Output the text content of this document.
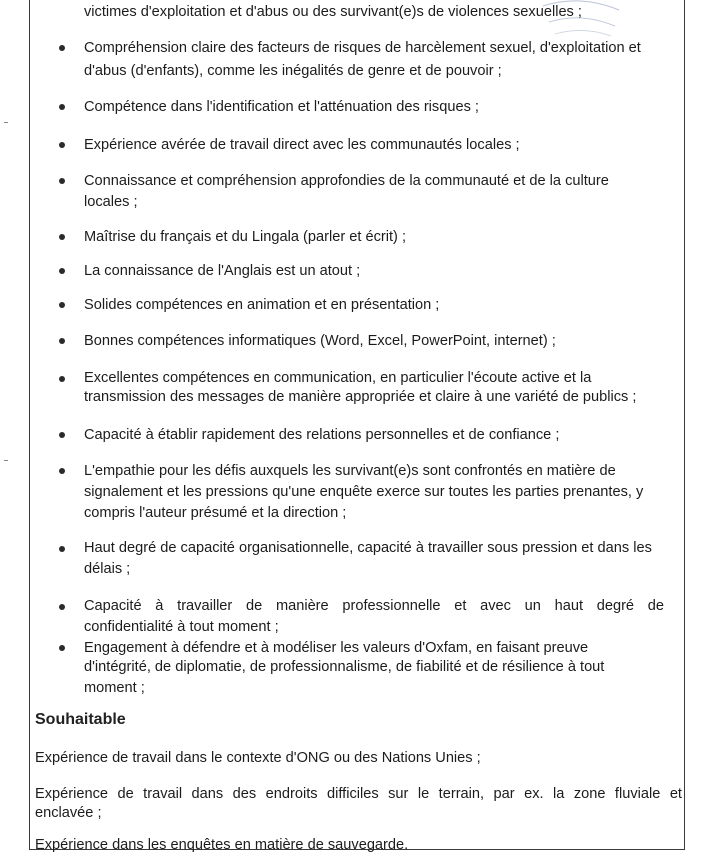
victimes d'exploitation et d'abus ou des survivant(e)s de violences sexuelles ;
Compréhension claire des facteurs de risques de harcèlement sexuel, d'exploitation et
d'abus (d'enfants), comme les inégalités de genre et de pouvoir ;
Compétence dans l'identification et l'atténuation des risques ;
Expérience avérée de travail direct avec les communautés locales ;
Connaissance et compréhension approfondies de la communauté et de la culture
locales ;
Maîtrise du français et du Lingala (parler et écrit) ;
La connaissance de l'Anglais est un atout ;
Solides compétences en animation et en présentation ;
Bonnes compétences informatiques (Word, Excel, PowerPoint, internet) ;
Excellentes compétences en communication, en particulier l'écoute active et la
transmission des messages de manière appropriée et claire à une variété de publics ;
Capacité à établir rapidement des relations personnelles et de confiance ;
L'empathie pour les défis auxquels les survivant(e)s sont confrontés en matière de
signalement et les pressions qu'une enquête exerce sur toutes les parties prenantes, y
compris l'auteur présumé et la direction ;
Haut degré de capacité organisationnelle, capacité à travailler sous pression et dans les
délais ;
Capacité à travailler de manière professionnelle et avec un haut degré de
confidentialité à tout moment ;
Engagement à défendre et à modéliser les valeurs d'Oxfam, en faisant preuve
d'intégrité, de diplomatie, de professionnalisme, de fiabilité et de résilience à tout
moment ;
Souhaitable
Expérience de travail dans le contexte d'ONG ou des Nations Unies ;
Expérience de travail dans des endroits difficiles sur le terrain, par ex. la zone fluviale et
enclavée ;
Expérience dans les enquêtes en matière de sauvegarde.
